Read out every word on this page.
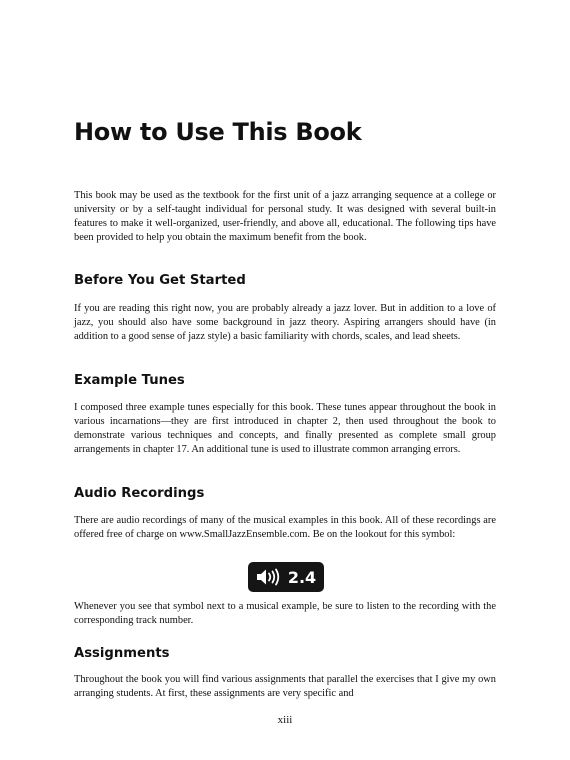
How to Use This Book

This book may be used as the textbook for the first unit of a jazz arranging sequence at a college or university or by a self-taught individual for personal study. It was designed with several built-in features to make it well-organized, user-friendly, and above all, educational. The following tips have been provided to help you obtain the maximum benefit from the book.

Before You Get Started

If you are reading this right now, you are probably already a jazz lover. But in addition to a love of jazz, you should also have some background in jazz theory. Aspiring arrangers should have (in addition to a good sense of jazz style) a basic familiarity with chords, scales, and lead sheets.

Example Tunes

I composed three example tunes especially for this book. These tunes appear throughout the book in various incarnations—they are first introduced in chapter 2, then used throughout the book to demonstrate various techniques and concepts, and finally presented as complete small group arrangements in chapter 17. An additional tune is used to illustrate common arranging errors.

Audio Recordings

There are audio recordings of many of the musical examples in this book. All of these recordings are offered free of charge on www.SmallJazzEnsemble.com. Be on the lookout for this symbol:

2.4

Whenever you see that symbol next to a musical example, be sure to listen to the recording with the corresponding track number.

Assignments

Throughout the book you will find various assignments that parallel the exercises that I give my own arranging students. At first, these assignments are very specific and

xiii
